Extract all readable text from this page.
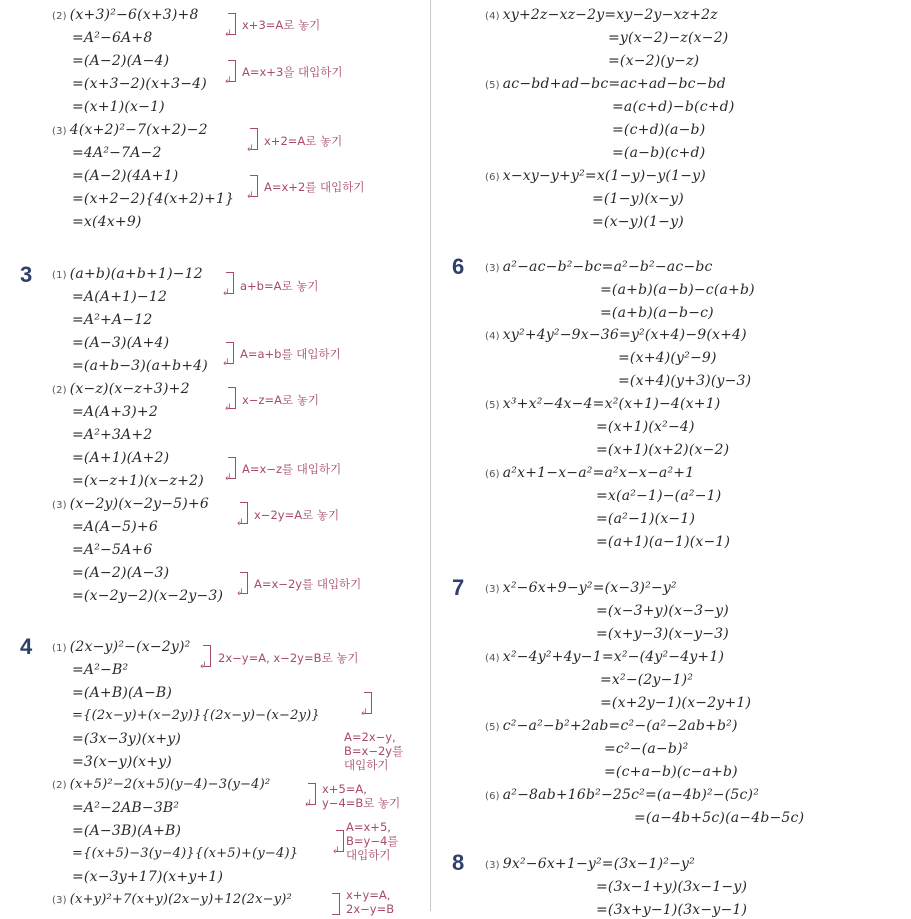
(2) (x+3)²−6(x+3)+8
=A²−6A+8
=(A−2)(A−4)
=(x+3−2)(x+3−4)
=(x+1)(x−1)
↲
x+3=A로 놓기
↲
A=x+3을 대입하기
(3) 4(x+2)²−7(x+2)−2
=4A²−7A−2
=(A−2)(4A+1)
=(x+2−2){4(x+2)+1}
=x(4x+9)
↲
x+2=A로 놓기
↲
A=x+2를 대입하기
3 (1) (a+b)(a+b+1)−12
=A(A+1)−12
=A²+A−12
=(A−3)(A+4)
=(a+b−3)(a+b+4)
↲ a+b=A로 놓기
↲
A=a+b를 대입하기
(2) (x−z)(x−z+3)+2
=A(A+3)+2
=A²+3A+2
=(A+1)(A+2)
=(x−z+1)(x−z+2)
↲
x−z=A로 놓기
↲
A=x−z를 대입하기
(3) (x−2y)(x−2y−5)+6
=A(A−5)+6
=A²−5A+6
=(A−2)(A−3)
=(x−2y−2)(x−2y−3)
↲
x−2y=A로 놓기
↲
A=x−2y를 대입하기
4 (1) (2x−y)²−(x−2y)²
=A²−B²
=(A+B)(A−B)
={(2x−y)+(x−2y)}{(2x−y)−(x−2y)}
=(3x−3y)(x+y)
=3(x−y)(x+y)
↲
2x−y=A, x−2y=B로 놓기
↲
A=2x−y,
B=x−2y를
대입하기
(2) (x+5)²−2(x+5)(y−4)−3(y−4)²
=A²−2AB−3B²
=(A−3B)(A+B)
={(x+5)−3(y−4)}{(x+5)+(y−4)}
=(x−3y+17)(x+y+1)
↲
x+5=A,
y−4=B로 놓기
↲
A=x+5,
B=y−4를
대입하기
(3) (x+y)²+7(x+y)(2x−y)+12(2x−y)²	x+y=A,
2x−y=B
(4) xy+2z−xz−2y=xy−2y−xz+2z
=y(x−2)−z(x−2)
=(x−2)(y−z)
(5) ac−bd+ad−bc=ac+ad−bc−bd
=a(c+d)−b(c+d)
=(c+d)(a−b)
=(a−b)(c+d)
(6) x−xy−y+y²=x(1−y)−y(1−y)
=(1−y)(x−y)
=(x−y)(1−y)
6 (3) a²−ac−b²−bc=a²−b²−ac−bc
=(a+b)(a−b)−c(a+b)
=(a+b)(a−b−c)
(4) xy²+4y²−9x−36=y²(x+4)−9(x+4)
=(x+4)(y²−9)
=(x+4)(y+3)(y−3)
(5) x³+x²−4x−4=x²(x+1)−4(x+1)
=(x+1)(x²−4)
=(x+1)(x+2)(x−2)
(6) a²x+1−x−a²=a²x−x−a²+1
=x(a²−1)−(a²−1)
=(a²−1)(x−1)
=(a+1)(a−1)(x−1)
7 (3) x²−6x+9−y²=(x−3)²−y²
=(x−3+y)(x−3−y)
=(x+y−3)(x−y−3)
(4) x²−4y²+4y−1=x²−(4y²−4y+1)
=x²−(2y−1)²
=(x+2y−1)(x−2y+1)
(5) c²−a²−b²+2ab=c²−(a²−2ab+b²)
=c²−(a−b)²
=(c+a−b)(c−a+b)
(6) a²−8ab+16b²−25c²=(a−4b)²−(5c)²
=(a−4b+5c)(a−4b−5c)
8 (3) 9x²−6x+1−y²=(3x−1)²−y²
=(3x−1+y)(3x−1−y)
=(3x+y−1)(3x−y−1)
